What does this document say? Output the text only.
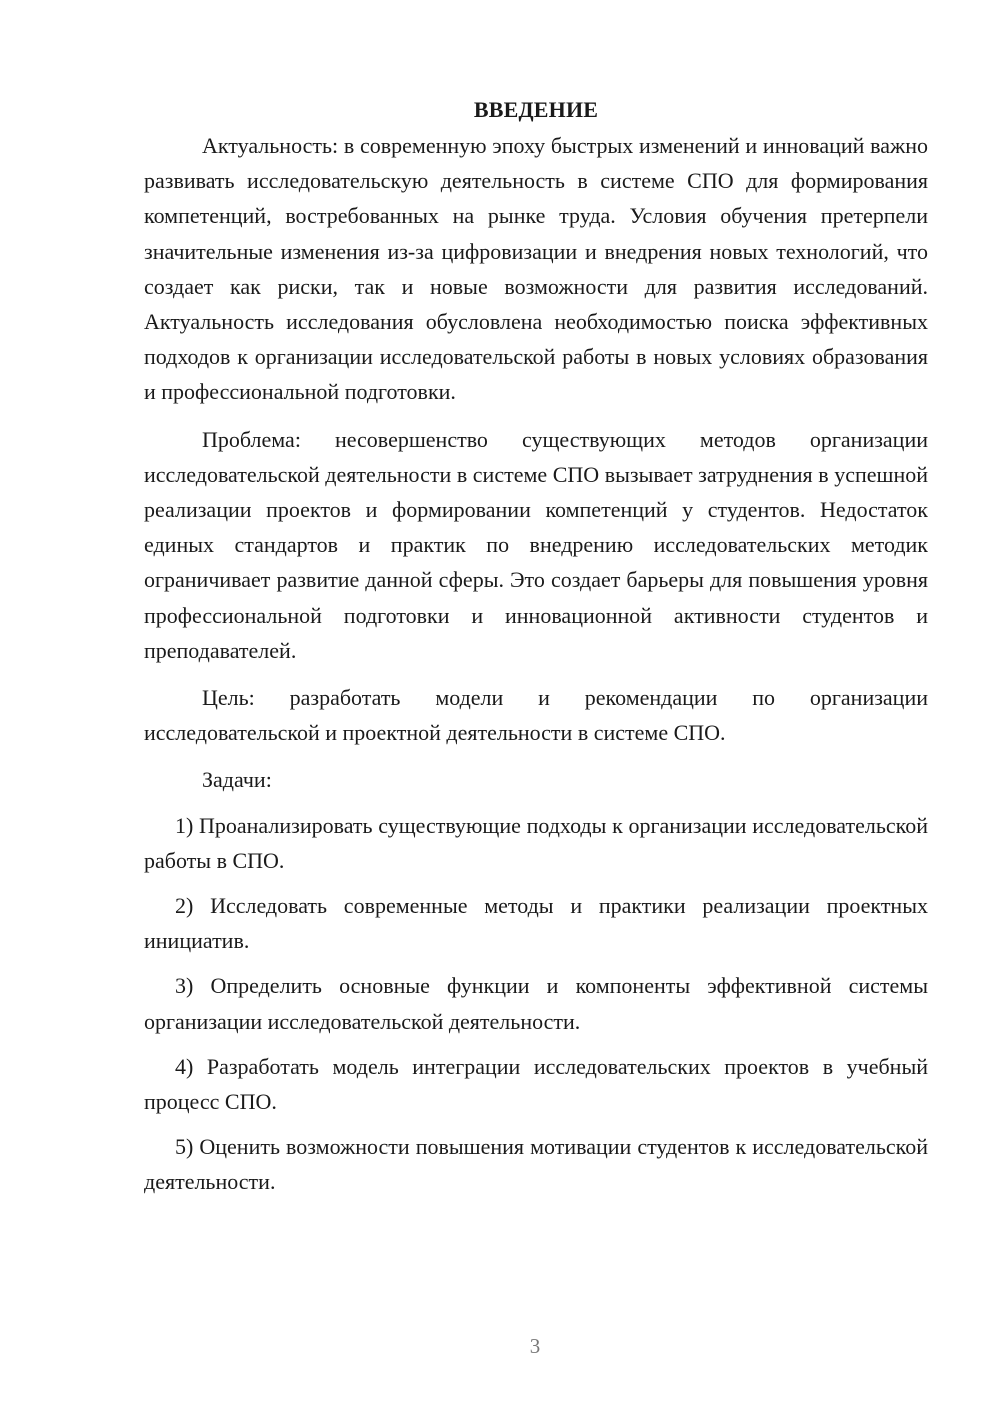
ВВЕДЕНИЕ

Актуальность: в современную эпоху быстрых изменений и инноваций важно развивать исследовательскую деятельность в системе СПО для формирования компетенций, востребованных на рынке труда. Условия обучения претерпели значительные изменения из-за цифровизации и внедрения новых технологий, что создает как риски, так и новые возможности для развития исследований. Актуальность исследования обусловлена необходимостью поиска эффективных подходов к организации исследовательской работы в новых условиях образования и профессиональной подготовки.

Проблема: несовершенство существующих методов организации исследовательской деятельности в системе СПО вызывает затруднения в успешной реализации проектов и формировании компетенций у студентов. Недостаток единых стандартов и практик по внедрению исследовательских методик ограничивает развитие данной сферы. Это создает барьеры для повышения уровня профессиональной подготовки и инновационной активности студентов и преподавателей.

Цель: разработать модели и рекомендации по организации исследовательской и проектной деятельности в системе СПО.

Задачи:

1) Проанализировать существующие подходы к организации исследовательской работы в СПО.

2) Исследовать современные методы и практики реализации проектных инициатив.

3) Определить основные функции и компоненты эффективной системы организации исследовательской деятельности.

4) Разработать модель интеграции исследовательских проектов в учебный процесс СПО.

5) Оценить возможности повышения мотивации студентов к исследовательской деятельности.

3
